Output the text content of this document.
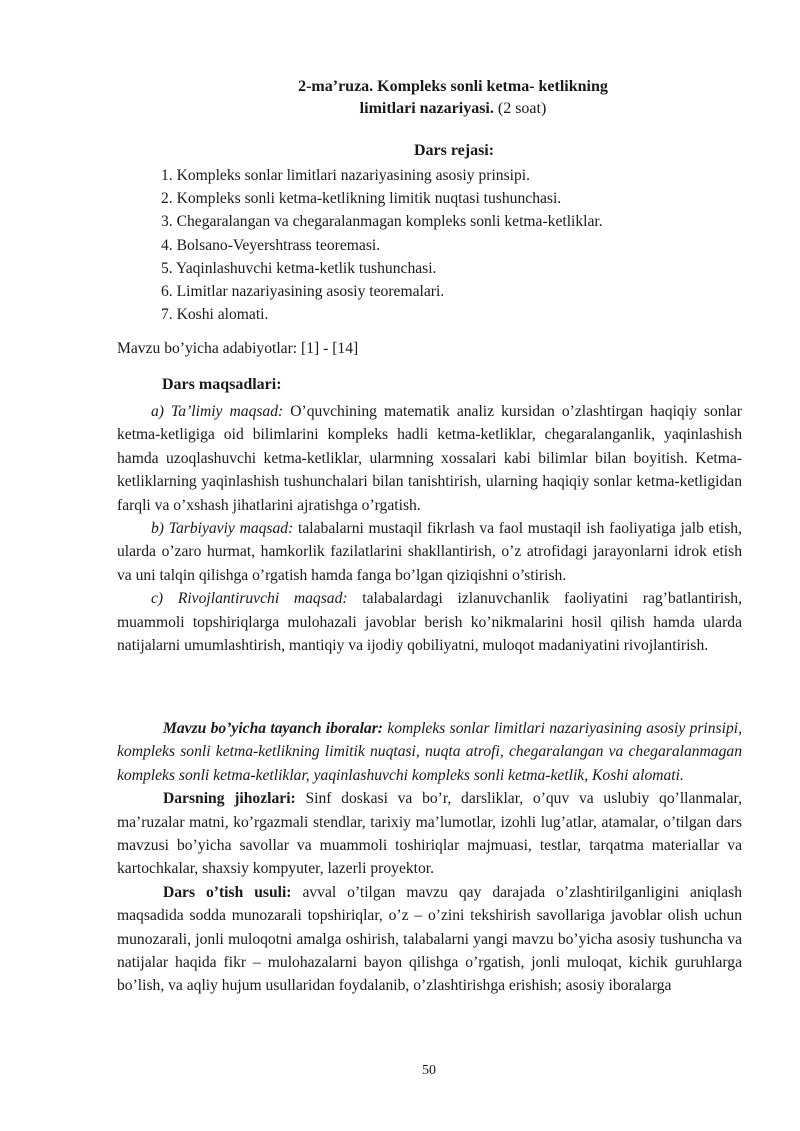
2-ma’ruza. Kompleks sonli ketma- ketlikning
limitlari nazariyasi. (2 soat)
Dars rejasi:
1. Kompleks sonlar limitlari nazariyasining asosiy prinsipi.
2. Kompleks sonli ketma-ketlikning limitik nuqtasi tushunchasi.
3. Chegaralangan va chegaralanmagan kompleks sonli ketma-ketliklar.
4. Bolsano-Veyershtrass teoremasi.
5. Yaqinlashuvchi ketma-ketlik tushunchasi.
6. Limitlar nazariyasining asosiy teoremalari.
7. Koshi alomati.
Mavzu bo’yicha adabiyotlar: [1] - [14]
Dars maqsadlari:

a) Ta’limiy maqsad: O’quvchining matematik analiz kursidan o’zlashtirgan haqiqiy sonlar ketma-ketligiga oid bilimlarini kompleks hadli ketma-ketliklar, chegaralanganlik, yaqinlashish hamda uzoqlashuvchi ketma-ketliklar, ularmning xossalari kabi bilimlar bilan boyitish. Ketma-ketliklarning yaqinlashish tushunchalari bilan tanishtirish, ularning haqiqiy sonlar ketma-ketligidan farqli va o’xshash jihatlarini ajratishga o’rgatish.

b) Tarbiyaviy maqsad: talabalarni mustaqil fikrlash va faol mustaqil ish faoliyatiga jalb etish, ularda o’zaro hurmat, hamkorlik fazilatlarini shakllantirish, o’z atrofidagi jarayonlarni idrok etish va uni talqin qilishga o’rgatish hamda fanga bo’lgan qiziqishni o’stirish.

c) Rivojlantiruvchi maqsad: talabalardagi izlanuvchanlik faoliyatini rag’batlantirish, muammoli topshiriqlarga mulohazali javoblar berish ko’nikmalarini hosil qilish hamda ularda natijalarni umumlashtirish, mantiqiy va ijodiy qobiliyatni, muloqot madaniyatini rivojlantirish.

Mavzu bo’yicha tayanch iboralar: kompleks sonlar limitlari nazariyasining asosiy prinsipi, kompleks sonli ketma-ketlikning limitik nuqtasi, nuqta atrofi, chegaralangan va chegaralanmagan kompleks sonli ketma-ketliklar, yaqinlashuvchi kompleks sonli ketma-ketlik, Koshi alomati.

Darsning jihozlari: Sinf doskasi va bo’r, darsliklar, o’quv va uslubiy qo’llanmalar, ma’ruzalar matni, ko’rgazmali stendlar, tarixiy ma’lumotlar, izohli lug’atlar, atamalar, o’tilgan dars mavzusi bo’yicha savollar va muammoli toshiriqlar majmuasi, testlar, tarqatma materiallar va kartochkalar, shaxsiy kompyuter, lazerli proyektor.

Dars o’tish usuli: avval o’tilgan mavzu qay darajada o’zlashtirilganligini aniqlash maqsadida sodda munozarali topshiriqlar, o’z – o’zini tekshirish savollariga javoblar olish uchun munozarali, jonli muloqotni amalga oshirish, talabalarni yangi mavzu bo’yicha asosiy tushuncha va natijalar haqida fikr – mulohazalarni bayon qilishga o’rgatish, jonli muloqat, kichik guruhlarga bo’lish, va aqliy hujum usullaridan foydalanib, o’zlashtirishga erishish; asosiy iboralarga

50
